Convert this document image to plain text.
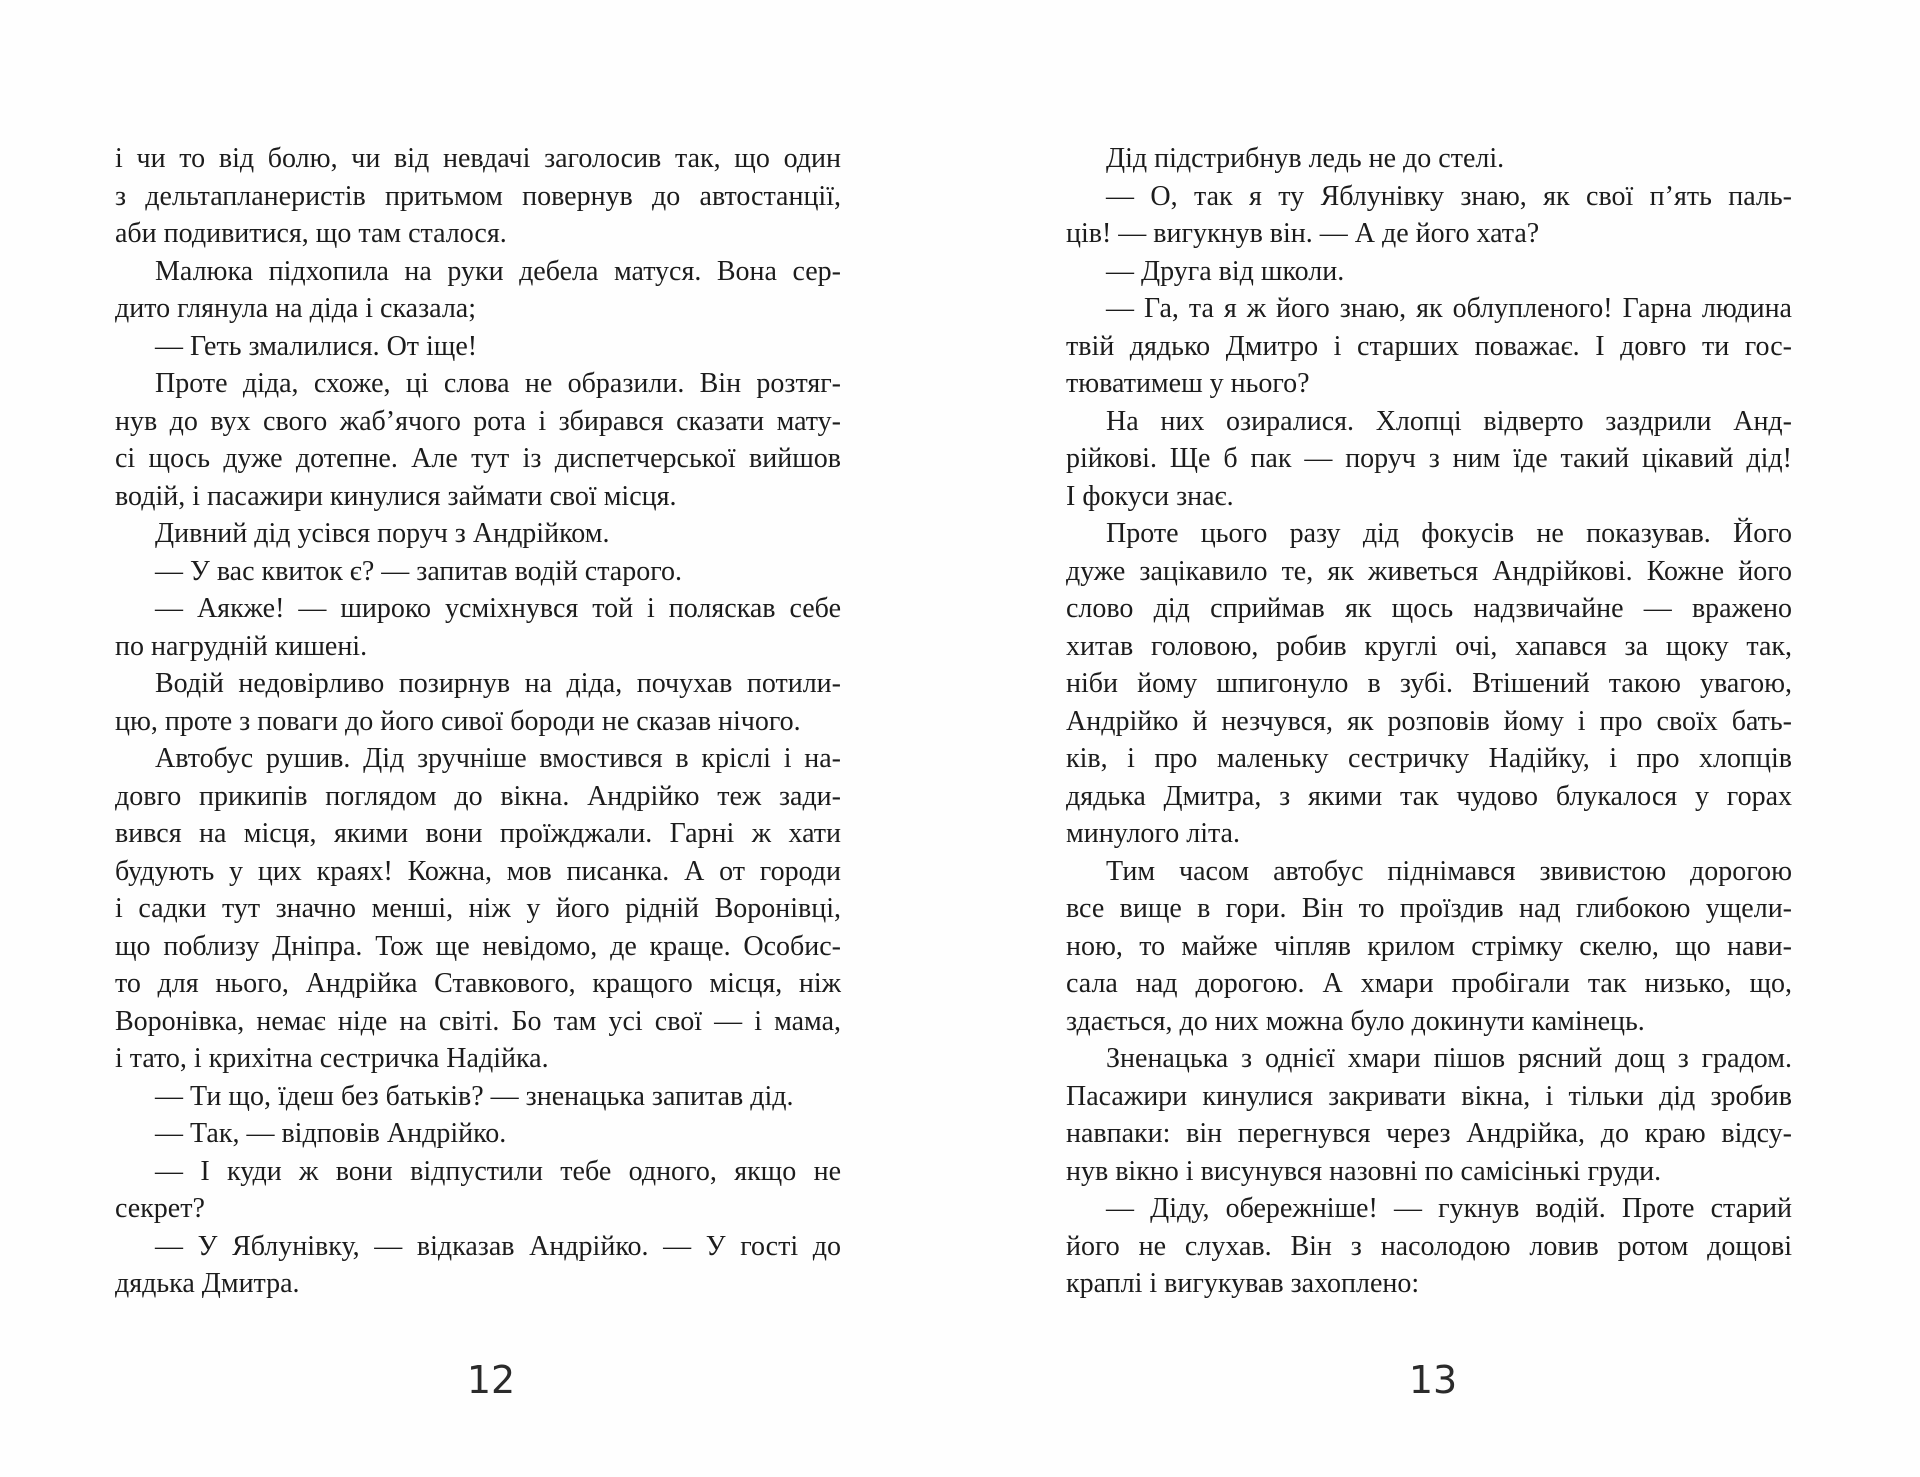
і чи то від болю, чи від невдачі заголосив так, що один
з дельтапланеристів притьмом повернув до автостанції,
аби подивитися, що там сталося.
Малюка підхопила на руки дебела матуся. Вона сер-
дито глянула на діда і сказала;
— Геть змалилися. От іще!
Проте діда, схоже, ці слова не образили. Він розтяг-
нув до вух свого жаб’ячого рота і збирався сказати мату-
сі щось дуже дотепне. Але тут із диспетчерської вийшов
водій, і пасажири кинулися займати свої місця.
Дивний дід усівся поруч з Андрійком.
— У вас квиток є? — запитав водій старого.
— Аякже! — широко усміхнувся той і поляскав себе
по нагрудній кишені.
Водій недовірливо позирнув на діда, почухав потили-
цю, проте з поваги до його сивої бороди не сказав нічого.
Автобус рушив. Дід зручніше вмостився в кріслі і на-
довго прикипів поглядом до вікна. Андрійко теж зади-
вився на місця, якими вони проїжджали. Гарні ж хати
будують у цих краях! Кожна, мов писанка. А от городи
і садки тут значно менші, ніж у його рідній Воронівці,
що поблизу Дніпра. Тож ще невідомо, де краще. Особис-
то для нього, Андрійка Ставкового, кращого місця, ніж
Воронівка, немає ніде на світі. Бо там усі свої — і мама,
і тато, і крихітна сестричка Надійка.
— Ти що, їдеш без батьків? — зненацька запитав дід.
— Так, — відповів Андрійко.
— І куди ж вони відпустили тебе одного, якщо не
секрет?
— У Яблунівку, — відказав Андрійко. — У гості до
дядька Дмитра.
Дід підстрибнув ледь не до стелі.
— О, так я ту Яблунівку знаю, як свої п’ять паль-
ців! — вигукнув він. — А де його хата?
— Друга від школи.
— Га, та я ж його знаю, як облупленого! Гарна людина
твій дядько Дмитро і старших поважає. І довго ти гос-
тюватимеш у нього?
На них озиралися. Хлопці відверто заздрили Анд-
рійкові. Ще б пак — поруч з ним їде такий цікавий дід!
І фокуси знає.
Проте цього разу дід фокусів не показував. Його
дуже зацікавило те, як живеться Андрійкові. Кожне його
слово дід сприймав як щось надзвичайне — вражено
хитав головою, робив круглі очі, хапався за щоку так,
ніби йому шпигонуло в зубі. Втішений такою увагою,
Андрійко й незчувся, як розповів йому і про своїх бать-
ків, і про маленьку сестричку Надійку, і про хлопців
дядька Дмитра, з якими так чудово блукалося у горах
минулого літа.
Тим часом автобус піднімався звивистою дорогою
все вище в гори. Він то проїздив над глибокою ущели-
ною, то майже чіпляв крилом стрімку скелю, що нави-
сала над дорогою. А хмари пробігали так низько, що,
здається, до них можна було докинути камінець.
Зненацька з однієї хмари пішов рясний дощ з градом.
Пасажири кинулися закривати вікна, і тільки дід зробив
навпаки: він перегнувся через Андрійка, до краю відсу-
нув вікно і висунувся назовні по самісінькі груди.
— Діду, обережніше! — гукнув водій. Проте старий
його не слухав. Він з насолодою ловив ротом дощові
краплі і вигукував захоплено:
12	13
